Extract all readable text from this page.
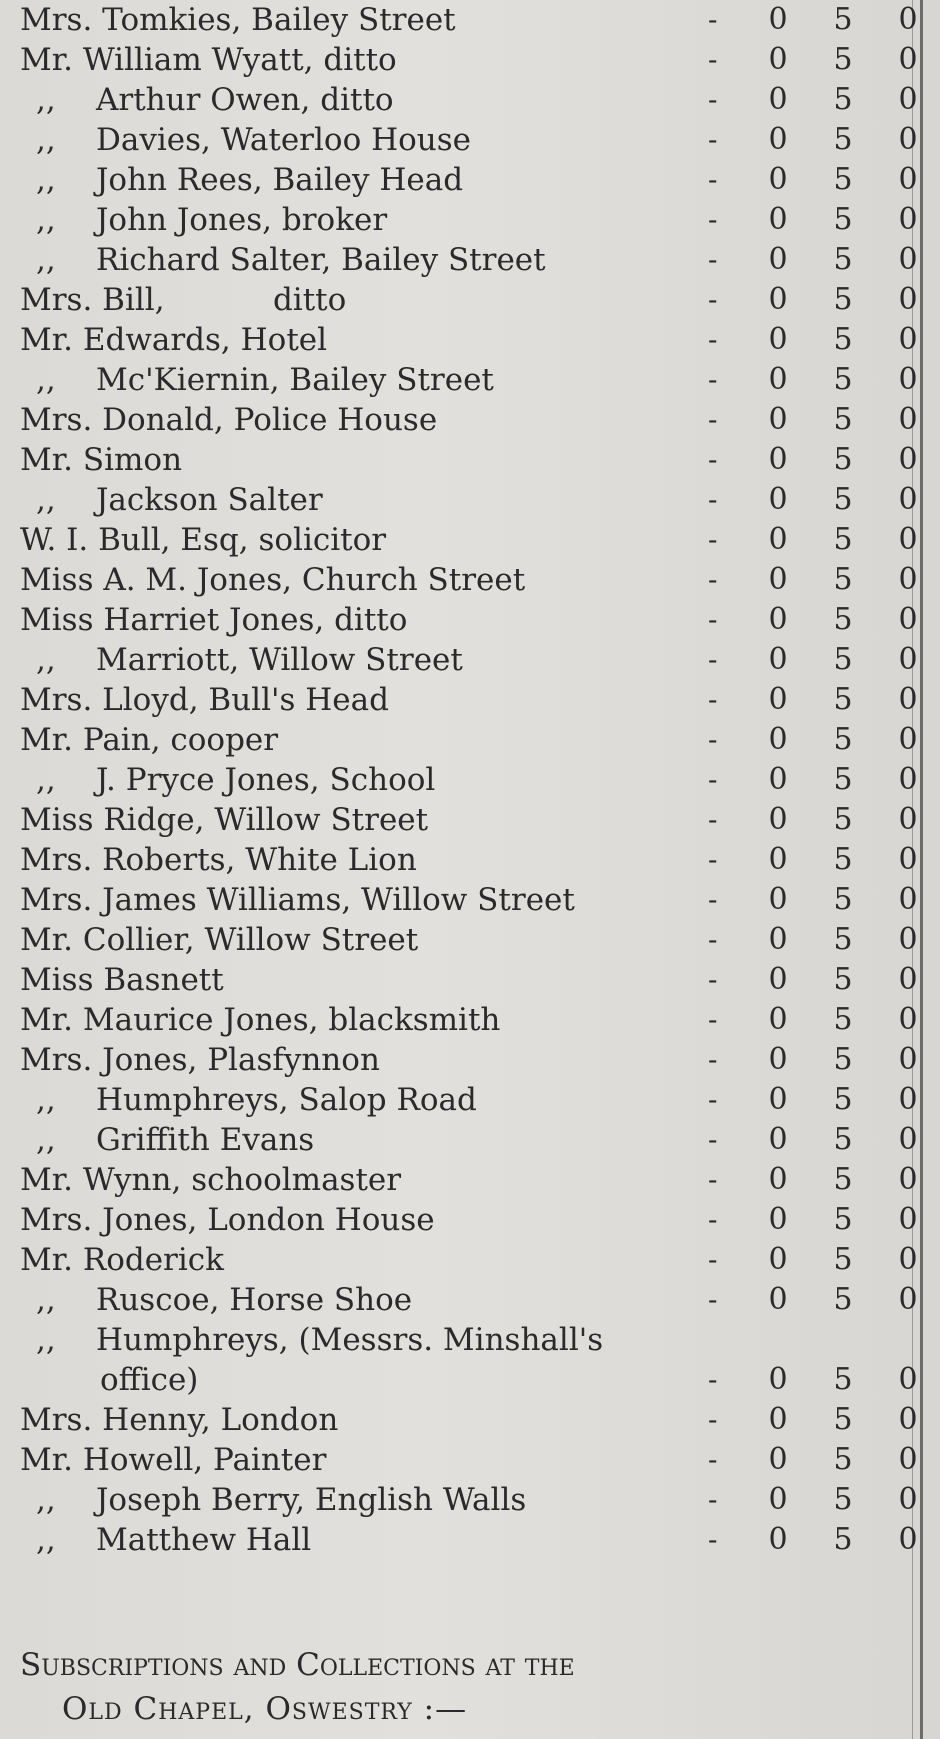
Mrs. Tomkies, Bailey Street	-	0	5	0
Mr. William Wyatt, ditto	-	0	5	0
,, Arthur Owen, ditto	-	0	5	0
,, Davies, Waterloo House	-	0	5	0
,, John Rees, Bailey Head	-	0	5	0
,, John Jones, broker	-	0	5	0
,, Richard Salter, Bailey Street	-	0	5	0
Mrs. Bill,           ditto	-	0	5	0
Mr. Edwards, Hotel	-	0	5	0
,, Mc'Kiernin, Bailey Street	-	0	5	0
Mrs. Donald, Police House	-	0	5	0
Mr. Simon	-	0	5	0
,, Jackson Salter	-	0	5	0
W. I. Bull, Esq, solicitor	-	0	5	0
Miss A. M. Jones, Church Street	-	0	5	0
Miss Harriet Jones, ditto	-	0	5	0
,, Marriott, Willow Street	-	0	5	0
Mrs. Lloyd, Bull's Head	-	0	5	0
Mr. Pain, cooper	-	0	5	0
,, J. Pryce Jones, School	-	0	5	0
Miss Ridge, Willow Street	-	0	5	0
Mrs. Roberts, White Lion	-	0	5	0
Mrs. James Williams, Willow Street	-	0	5	0
Mr. Collier, Willow Street	-	0	5	0
Miss Basnett	-	0	5	0
Mr. Maurice Jones, blacksmith	-	0	5	0
Mrs. Jones, Plasfynnon	-	0	5	0
,, Humphreys, Salop Road	-	0	5	0
,, Griffith Evans	-	0	5	0
Mr. Wynn, schoolmaster	-	0	5	0
Mrs. Jones, London House	-	0	5	0
Mr. Roderick	-	0	5	0
,, Ruscoe, Horse Shoe	-	0	5	0
,, Humphreys, (Messrs. Minshall's
office)	-	0	5	0
Mrs. Henny, London	-	0	5	0
Mr. Howell, Painter	-	0	5	0
,, Joseph Berry, English Walls	-	0	5	0
,, Matthew Hall	-	0	5	0
Subscriptions and Collections at the
Old Chapel, Oswestry :—
